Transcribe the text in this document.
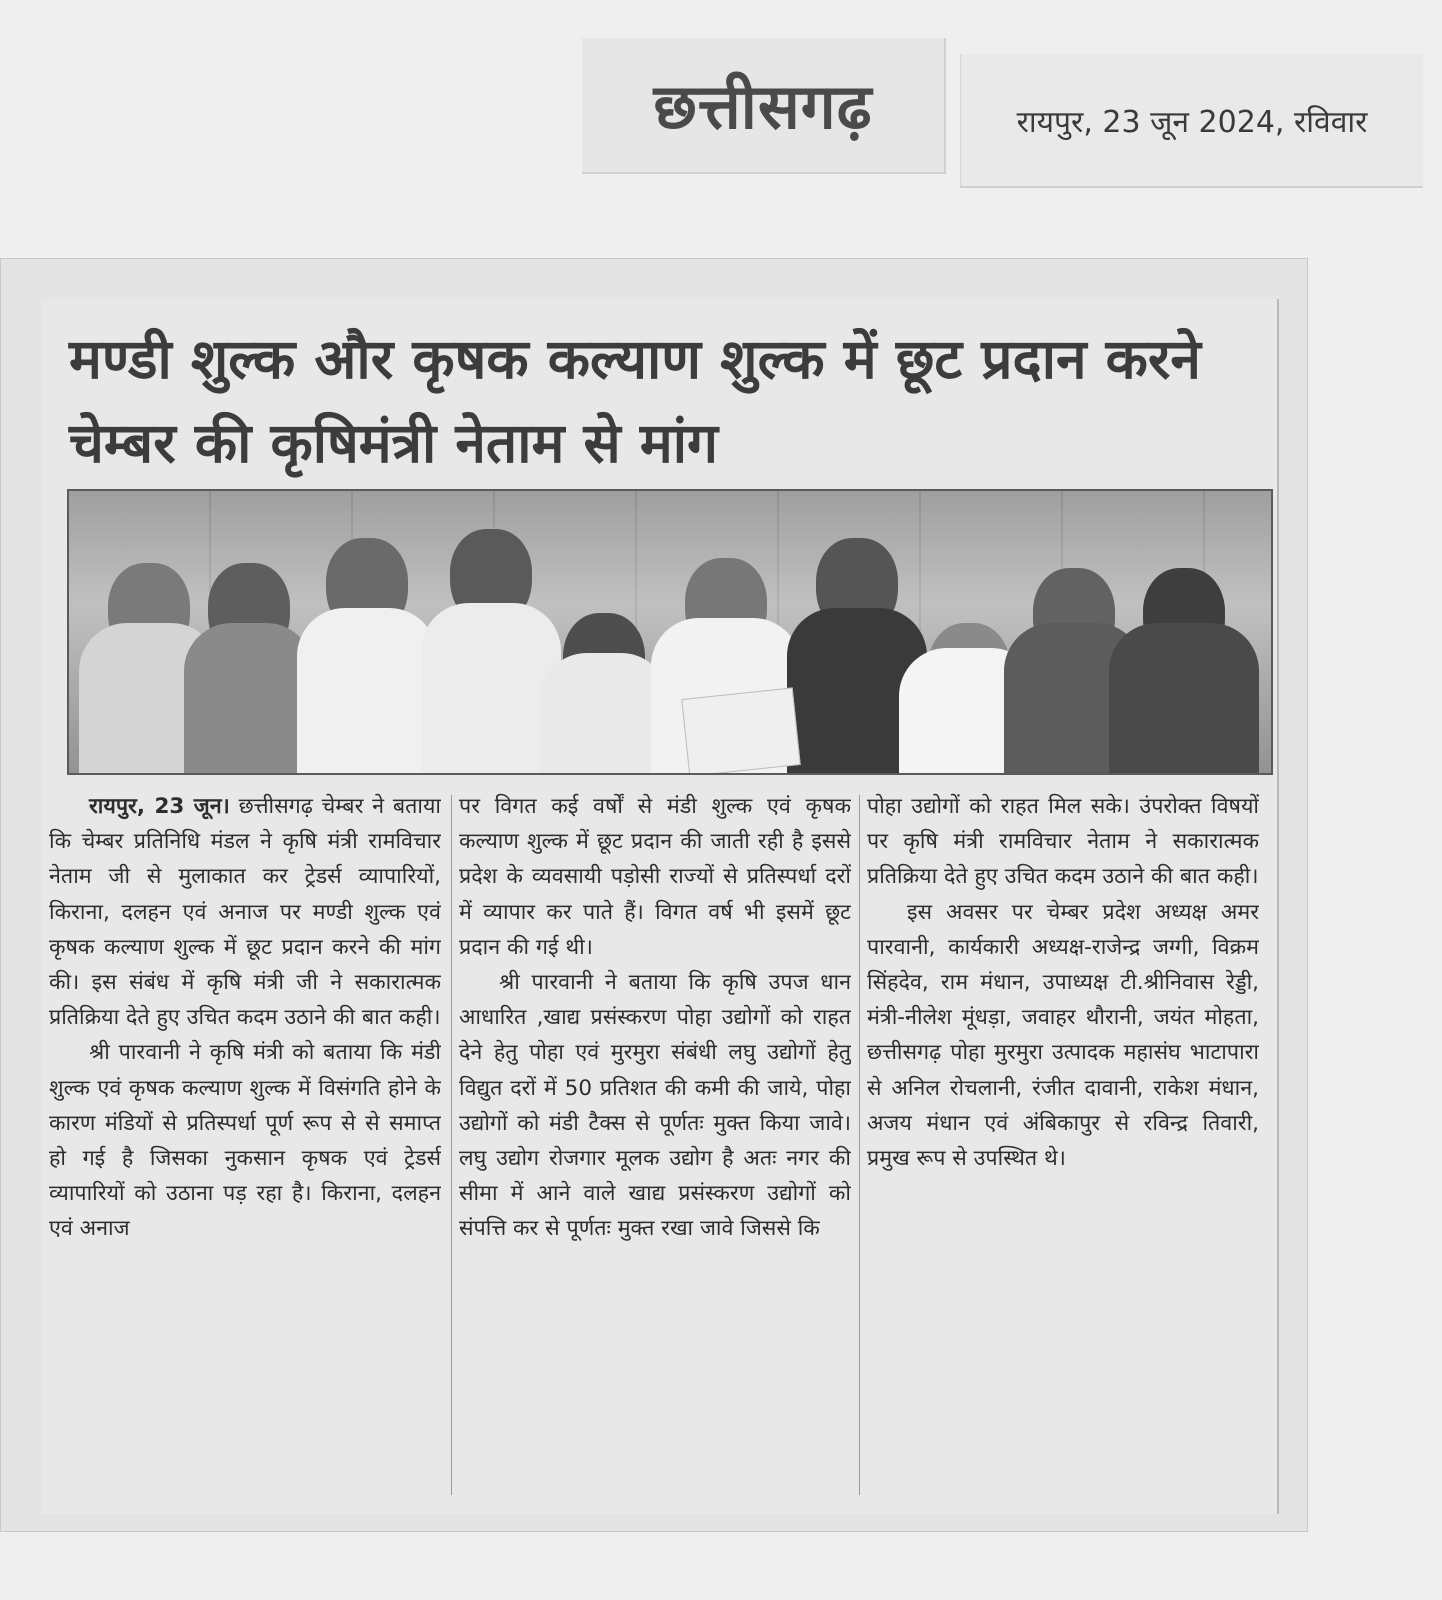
छत्तीसगढ़	रायपुर, 23 जून 2024, रविवार
मण्डी शुल्क और कृषक कल्याण शुल्क में छूट प्रदान करने चेम्बर की कृषिमंत्री नेताम से मांग

रायपुर, 23 जून। छत्तीसगढ़ चेम्बर ने बताया कि चेम्बर प्रतिनिधि मंडल ने कृषि मंत्री रामविचार नेताम जी से मुलाकात कर ट्रेडर्स व्यापारियों, किराना, दलहन एवं अनाज पर मण्डी शुल्क एवं कृषक कल्याण शुल्क में छूट प्रदान करने की मांग की। इस संबंध में कृषि मंत्री जी ने सकारात्मक प्रतिक्रिया देते हुए उचित कदम उठाने की बात कही।

श्री पारवानी ने कृषि मंत्री को बताया कि मंडी शुल्क एवं कृषक कल्याण शुल्क में विसंगति होने के कारण मंडियों से प्रतिस्पर्धा पूर्ण रूप से से समाप्त हो गई है जिसका नुकसान कृषक एवं ट्रेडर्स व्यापारियों को उठाना पड़ रहा है। किराना, दलहन एवं अनाज

पर विगत कई वर्षों से मंडी शुल्क एवं कृषक कल्याण शुल्क में छूट प्रदान की जाती रही है इससे प्रदेश के व्यवसायी पड़ोसी राज्यों से प्रतिस्पर्धा दरों में व्यापार कर पाते हैं। विगत वर्ष भी इसमें छूट प्रदान की गई थी।

श्री पारवानी ने बताया कि कृषि उपज धान आधारित ,खाद्य प्रसंस्करण पोहा उद्योगों को राहत देने हेतु पोहा एवं मुरमुरा संबंधी लघु उद्योगों हेतु विद्युत दरों में 50 प्रतिशत की कमी की जाये, पोहा उद्योगों को मंडी टैक्स से पूर्णतः मुक्त किया जावे। लघु उद्योग रोजगार मूलक उद्योग है अतः नगर की सीमा में आने वाले खाद्य प्रसंस्करण उद्योगों को संपत्ति कर से पूर्णतः मुक्त रखा जावे जिससे कि

पोहा उद्योगों को राहत मिल सके। उंपरोक्त विषयों पर कृषि मंत्री रामविचार नेताम ने सकारात्मक प्रतिक्रिया देते हुए उचित कदम उठाने की बात कही।

इस अवसर पर चेम्बर प्रदेश अध्यक्ष अमर पारवानी, कार्यकारी अध्यक्ष-राजेन्द्र जग्गी, विक्रम सिंहदेव, राम मंधान, उपाध्यक्ष टी.श्रीनिवास रेड्डी, मंत्री-नीलेश मूंधड़ा, जवाहर थौरानी, जयंत मोहता, छत्तीसगढ़ पोहा मुरमुरा उत्पादक महासंघ भाटापारा से अनिल रोचलानी, रंजीत दावानी, राकेश मंधान, अजय मंधान एवं अंबिकापुर से रविन्द्र तिवारी, प्रमुख रूप से उपस्थित थे।
